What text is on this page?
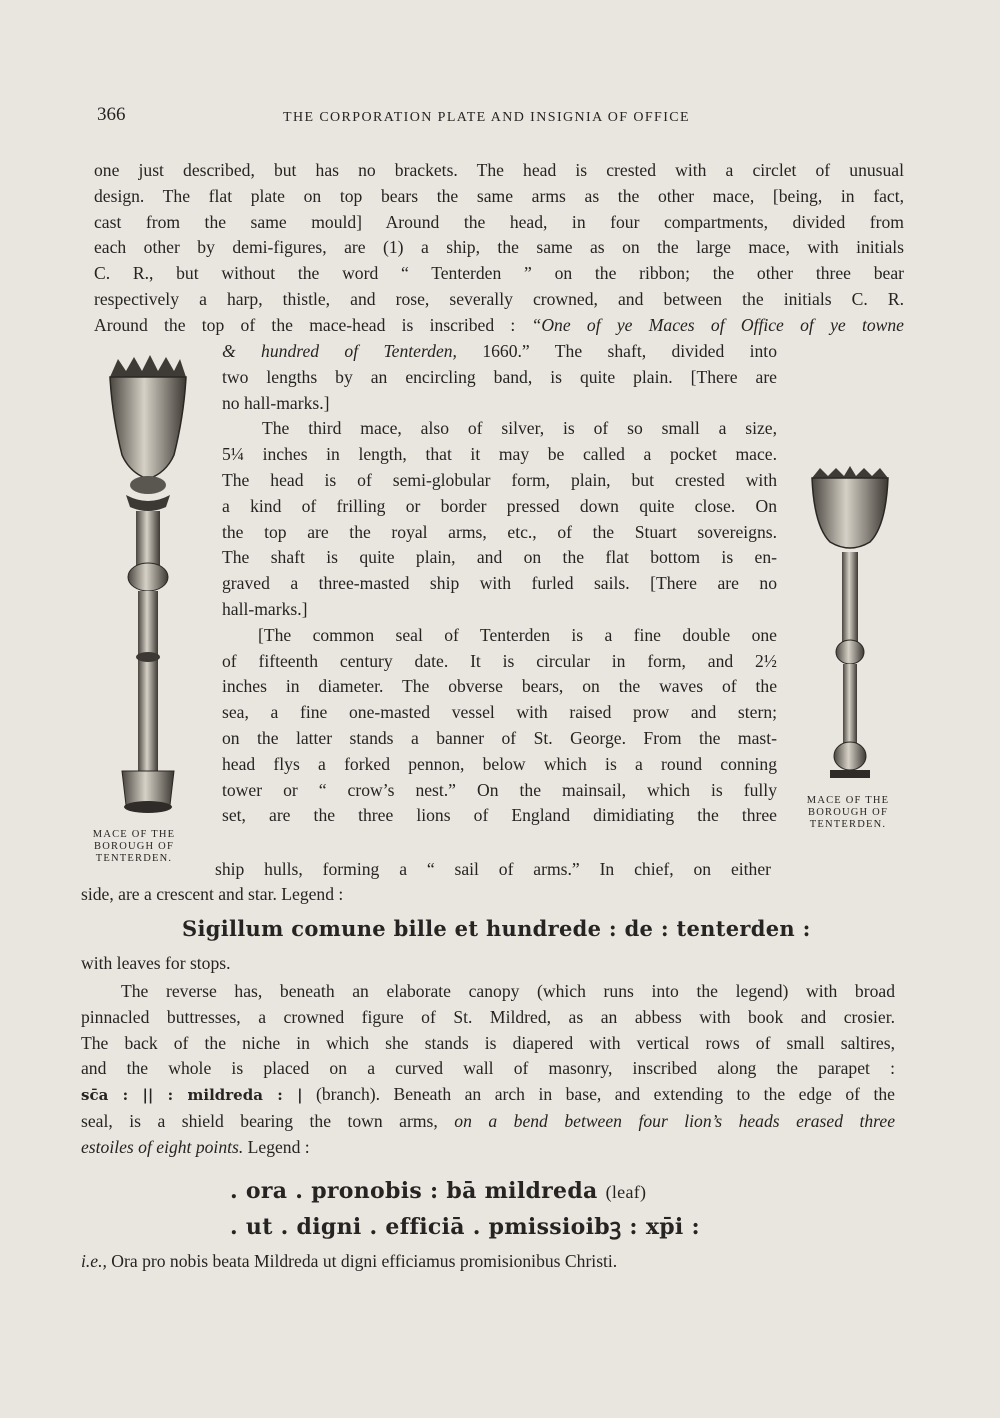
366	THE CORPORATION PLATE AND INSIGNIA OF OFFICE
one just described, but has no brackets. The head is crested with a circlet of unusual
design. The flat plate on top bears the same arms as the other mace, [being, in fact,
cast from the same mould] Around the head, in four compartments, divided from
each other by demi-figures, are (1) a ship, the same as on the large mace, with initials
C. R., but without the word “ Tenterden ” on the ribbon; the other three bear
respectively a harp, thistle, and rose, severally crowned, and between the initials C. R.
Around the top of the mace-head is inscribed : “One of ye Maces of Office of ye towne
& hundred of Tenterden, 1660.” The shaft, divided into
two lengths by an encircling band, is quite plain. [There are
no hall-marks.]
The third mace, also of silver, is of so small a size,
5¼ inches in length, that it may be called a pocket mace.
The head is of semi-globular form, plain, but crested with
a kind of frilling or border pressed down quite close. On
the top are the royal arms, etc., of the Stuart sovereigns.
The shaft is quite plain, and on the flat bottom is en-
graved a three-masted ship with furled sails. [There are no
hall-marks.]
[The common seal of Tenterden is a fine double one
of fifteenth century date. It is circular in form, and 2½
inches in diameter. The obverse bears, on the waves of the
sea, a fine one-masted vessel with raised prow and stern;
on the latter stands a banner of St. George. From the mast-
head flys a forked pennon, below which is a round conning
tower or “ crow’s nest.” On the mainsail, which is fully
set, are the three lions of England dimidiating the three
ship hulls, forming a “ sail of arms.” In chief, on either
side, are a crescent and star. Legend :
Sigillum comune bille et hundrede : de : tenterden :
with leaves for stops.
The reverse has, beneath an elaborate canopy (which runs into the legend) with broad
pinnacled buttresses, a crowned figure of St. Mildred, as an abbess with book and crosier.
The back of the niche in which she stands is diapered with vertical rows of small saltires,
and the whole is placed on a curved wall of masonry, inscribed along the parapet :
sc̄a : || : mildreda : | (branch). Beneath an arch in base, and extending to the edge of the
seal, is a shield bearing the town arms, on a bend between four lion’s heads erased three
estoiles of eight points. Legend :
. ora . pronobis : bā mildreda (leaf)
. ut . digni . efficiā . pmissioibꝫ : xp̄i :
i.e., Ora pro nobis beata Mildreda ut digni efficiamus promisionibus Christi.
MACE OF THE
BOROUGH OF
TENTERDEN.
MACE OF THE
BOROUGH OF
TENTERDEN.
